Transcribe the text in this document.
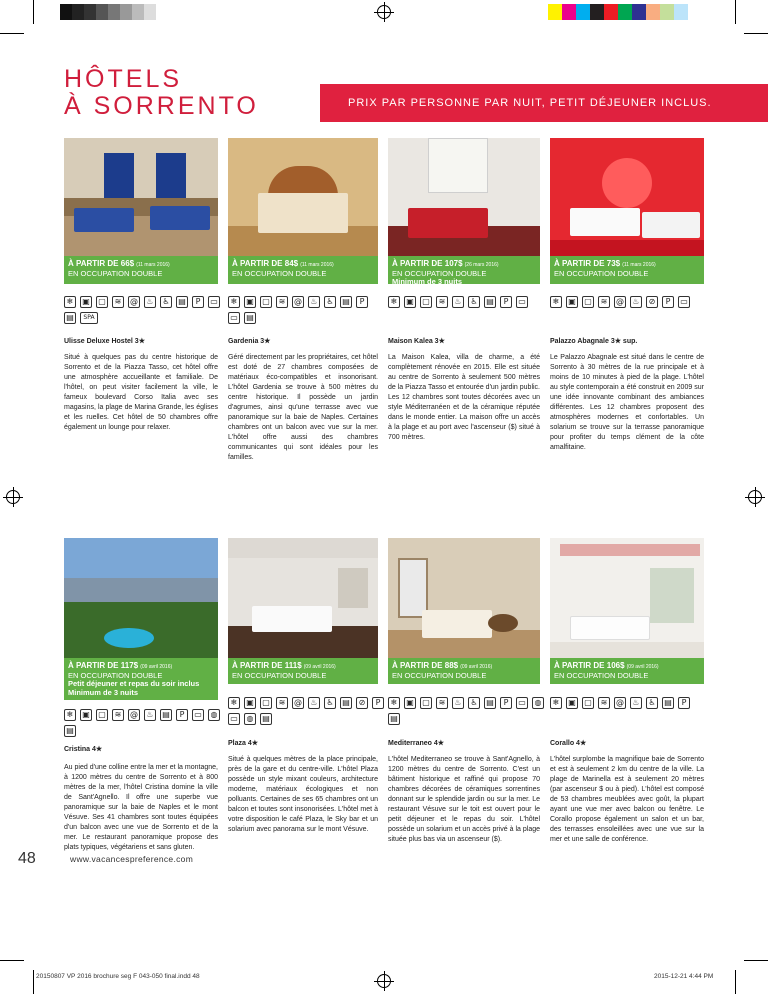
HÔTELS
À SORRENTO	PRIX PAR PERSONNE PAR NUIT, PETIT DÉJEUNER INCLUS.
À PARTIR DE 66$ (11 mars 2016)
EN OCCUPATION DOUBLE
À PARTIR DE 84$ (11 mars 2016)
EN OCCUPATION DOUBLE
À PARTIR DE 107$ (26 mars 2016)
EN OCCUPATION DOUBLE
Minimum de 3 nuits
À PARTIR DE 73$ (11 mars 2016)
EN OCCUPATION DOUBLE
❄	▣ ▢	≋	@	♨	♿	▤	P	▭
▤	SPA
❄	▣ ▢	≋	@	♨	♿	▤	P
▭ ▤
❄	▣ ▢	≋	♨	♿	▤	P	▭	❄	▣ ▢	≋	@	♨	⊘	P	▭
Ulisse Deluxe Hostel 3★	Gardenia 3★	Maison Kalea 3★	Palazzo Abagnale 3★ sup.
Situé à quelques pas du centre historique de Sorrento et de la Piazza Tasso, cet hôtel offre une atmosphère accueillante et familiale. De l'hôtel, on peut visiter facilement la ville, le fameux boulevard Corso Italia avec ses magasins, la plage de Marina Grande, les églises et les ruelles. Cet hôtel de 50 chambres offre également un lounge pour relaxer.
Géré directement par les propriétaires, cet hôtel est doté de 27 chambres composées de matériaux éco-compatibles et insonorisant. L'hôtel Gardenia se trouve à 500 mètres du centre historique. Il possède un jardin d'agrumes, ainsi qu'une terrasse avec vue panoramique sur la baie de Naples. Certaines chambres ont un balcon avec vue sur la mer. L'hôtel offre aussi des chambres communicantes qui sont idéales pour les familles.
La Maison Kalea, villa de charme, a été complètement rénovée en 2015. Elle est située au centre de Sorrento à seulement 500 mètres de la Piazza Tasso et entourée d'un jardin public. Les 12 chambres sont toutes décorées avec un style Méditerranéen et de la céramique réputée dans le monde entier. La maison offre un accès à la plage et au port avec l'ascenseur ($) situé à 700 mètres.
Le Palazzo Abagnale est situé dans le centre de Sorrento à 30 mètres de la rue principale et à moins de 10 minutes à pied de la plage. L'hôtel au style contemporain a été construit en 2009 sur une idée innovante combinant des ambiances différentes. Les 12 chambres proposent des atmosphères modernes et confortables. Un solarium se trouve sur la terrasse panoramique pour profiter du temps clément de la côte amalfitaine.
À PARTIR DE 117$ (09 avril 2016)
EN OCCUPATION DOUBLE
Petit déjeuner et repas du soir inclus
Minimum de 3 nuits
À PARTIR DE 111$ (09 avril 2016)
EN OCCUPATION DOUBLE
À PARTIR DE 88$ (09 avril 2016)
EN OCCUPATION DOUBLE
À PARTIR DE 106$ (09 avril 2016)
EN OCCUPATION DOUBLE
❄	▣ ▢	≋	@	♨	▤	P	▭	◍
▤
❄	▣ ▢	≋	@	♨	♿	▤	⊘	P
▭	◍	▤
❄	▣ ▢	≋	♨	♿	▤	P	▭	◍
▤
❄	▣ ▢	≋	@	♨	♿	▤	P
Cristina 4★
Plaza 4★	Mediterraneo 4★	Corallo 4★
Au pied d'une colline entre la mer et la montagne, à 1200 mètres du centre de Sorrento et à 800 mètres de la mer, l'hôtel Cristina domine la ville de Sant'Agnello. Il offre une superbe vue panoramique sur la baie de Naples et le mont Vésuve. Ses 41 chambres sont toutes équipées d'un balcon avec une vue de Sorrento et de la mer. Le restaurant panoramique propose des plats typiques, végétariens et sans gluten.
Situé à quelques mètres de la place principale, près de la gare et du centre-ville. L'hôtel Plaza possède un style mixant couleurs, architecture moderne, matériaux écologiques et non polluants. Certaines de ses 65 chambres ont un balcon et toutes sont insonorisées. L'hôtel met à votre disposition le café Plaza, le Sky bar et un solarium avec panorama sur le mont Vésuve.
L'hôtel Mediterraneo se trouve à Sant'Agnello, à 1200 mètres du centre de Sorrento. C'est un bâtiment historique et raffiné qui propose 70 chambres décorées de céramiques sorrentines donnant sur le splendide jardin ou sur la mer. Le restaurant Vésuve sur le toit est ouvert pour le petit déjeuner et le repas du soir. L'hôtel possède un solarium et un accès privé à la plage située plus bas via un ascenseur ($).
L'hôtel surplombe la magnifique baie de Sorrento et est à seulement 2 km du centre de la ville. La plage de Marinella est à seulement 20 mètres (par ascenseur $ ou à pied). L'hôtel est composé de 53 chambres meublées avec goût, la plupart ayant une vue mer avec balcon ou fenêtre. Le Corallo propose également un salon et un bar, des terrasses ensoleillées avec une vue sur la mer et une salle de conférence.
48	www.vacancespreference.com
20150807 VP 2016 brochure seg F 043-050 final.indd 48	2015-12-21 4:44 PM
